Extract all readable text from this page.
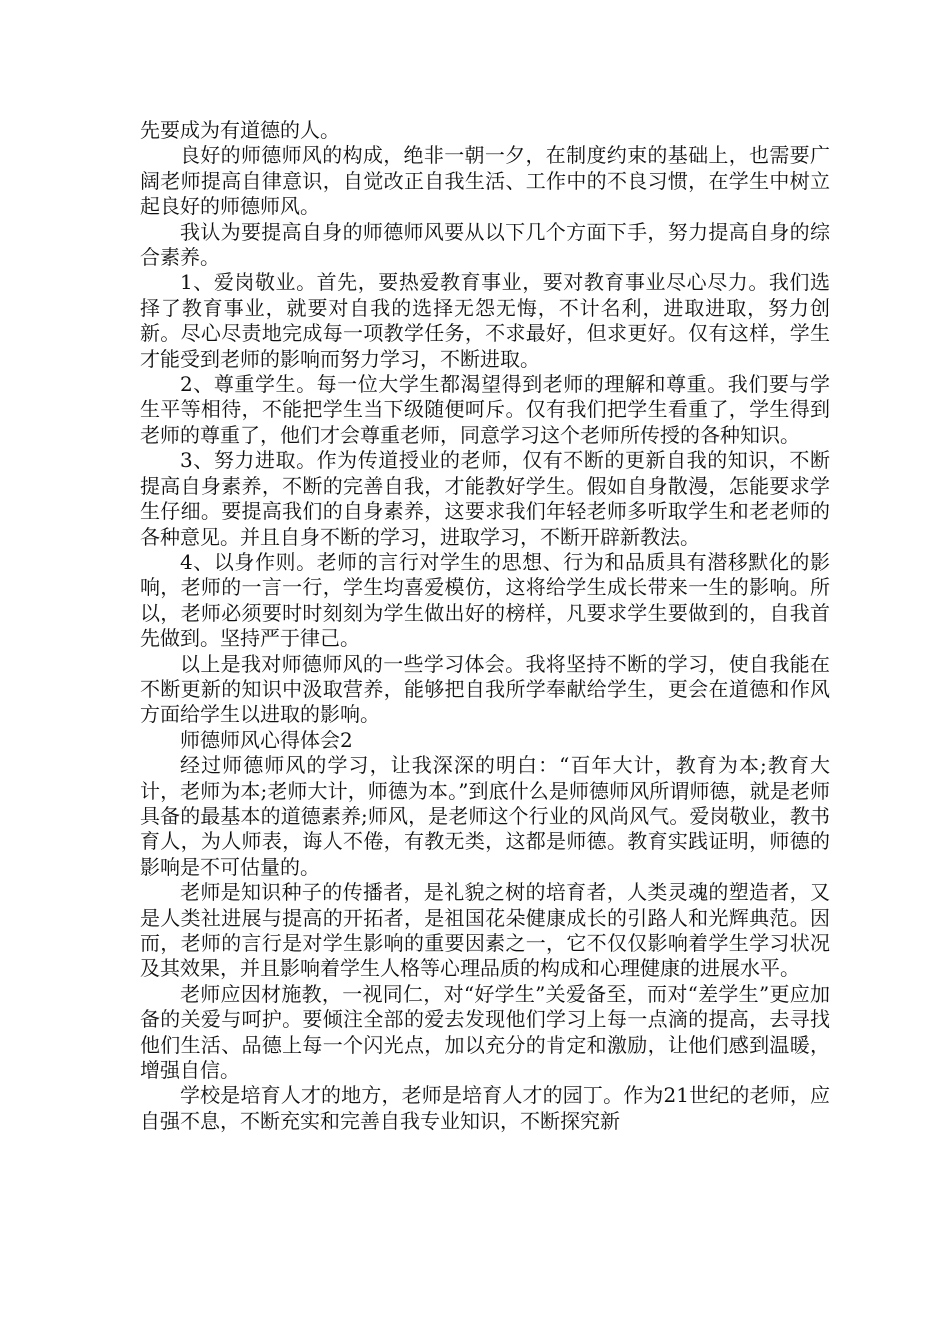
先要成为有道德的人。

良好的师德师风的构成，绝非一朝一夕，在制度约束的基础上，也需要广阔老师提高自律意识，自觉改正自我生活、工作中的不良习惯，在学生中树立起良好的师德师风。

我认为要提高自身的师德师风要从以下几个方面下手，努力提高自身的综合素养。

1、爱岗敬业。首先，要热爱教育事业，要对教育事业尽心尽力。我们选择了教育事业，就要对自我的选择无怨无悔，不计名利，进取进取，努力创新。尽心尽责地完成每一项教学任务，不求最好，但求更好。仅有这样，学生才能受到老师的影响而努力学习，不断进取。

2、尊重学生。每一位大学生都渴望得到老师的理解和尊重。我们要与学生平等相待，不能把学生当下级随便呵斥。仅有我们把学生看重了，学生得到老师的尊重了，他们才会尊重老师，同意学习这个老师所传授的各种知识。

3、努力进取。作为传道授业的老师，仅有不断的更新自我的知识，不断提高自身素养，不断的完善自我，才能教好学生。假如自身散漫，怎能要求学生仔细。要提高我们的自身素养，这要求我们年轻老师多听取学生和老老师的各种意见。并且自身不断的学习，进取学习，不断开辟新教法。

4、以身作则。老师的言行对学生的思想、行为和品质具有潜移默化的影响，老师的一言一行，学生均喜爱模仿，这将给学生成长带来一生的影响。所以，老师必须要时时刻刻为学生做出好的榜样，凡要求学生要做到的，自我首先做到。坚持严于律己。

以上是我对师德师风的一些学习体会。我将坚持不断的学习，使自我能在不断更新的知识中汲取营养，能够把自我所学奉献给学生，更会在道德和作风方面给学生以进取的影响。

师德师风心得体会2

经过师德师风的学习，让我深深的明白：“百年大计，教育为本;教育大计，老师为本;老师大计，师德为本。”到底什么是师德师风所谓师德，就是老师具备的最基本的道德素养;师风，是老师这个行业的风尚风气。爱岗敬业，教书育人，为人师表，诲人不倦，有教无类，这都是师德。教育实践证明，师德的影响是不可估量的。

老师是知识种子的传播者，是礼貌之树的培育者，人类灵魂的塑造者，又是人类社进展与提高的开拓者，是祖国花朵健康成长的引路人和光辉典范。因而，老师的言行是对学生影响的重要因素之一，它不仅仅影响着学生学习状况及其效果，并且影响着学生人格等心理品质的构成和心理健康的进展水平。

老师应因材施教，一视同仁，对“好学生”关爱备至，而对“差学生”更应加备的关爱与呵护。要倾注全部的爱去发现他们学习上每一点滴的提高，去寻找他们生活、品德上每一个闪光点，加以充分的肯定和激励，让他们感到温暖，增强自信。

学校是培育人才的地方，老师是培育人才的园丁。作为21世纪的老师，应自强不息，不断充实和完善自我专业知识，不断探究新
